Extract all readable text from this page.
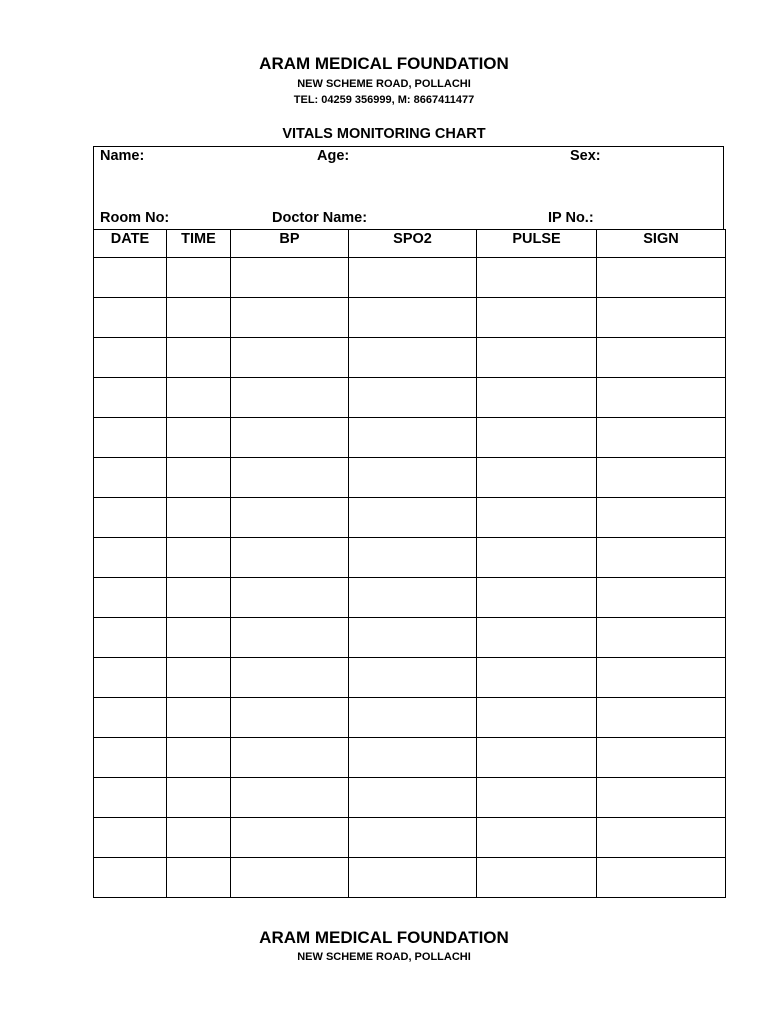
ARAM MEDICAL FOUNDATION
NEW SCHEME ROAD, POLLACHI
TEL: 04259 356999, M: 8667411477
VITALS MONITORING CHART
Name:	Age:	Sex:
Room No:	Doctor Name:	IP No.:
DATE	TIME	BP	SPO2	PULSE	SIGN

ARAM MEDICAL FOUNDATION
NEW SCHEME ROAD, POLLACHI
